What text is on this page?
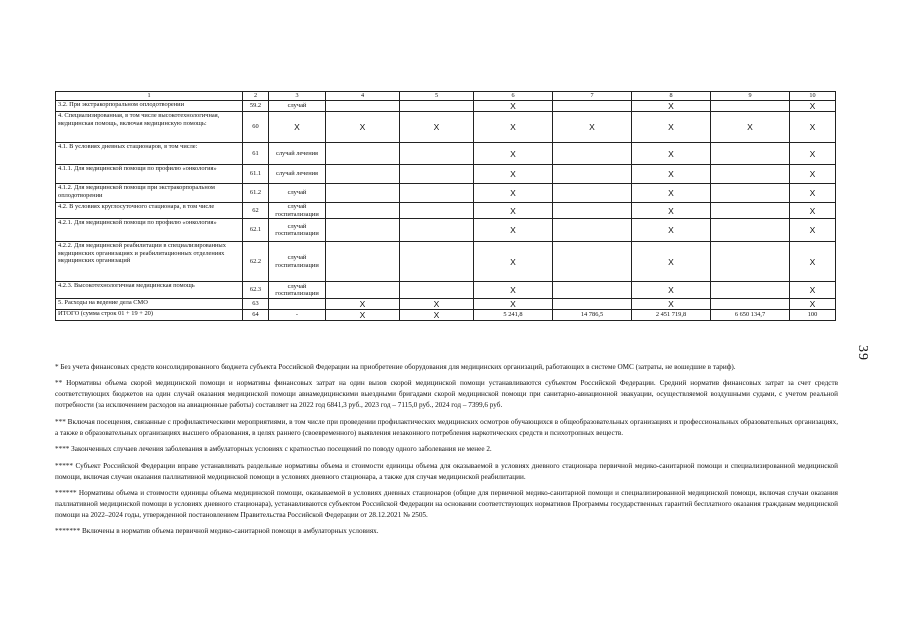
1	2	3	4	5	6	7	8	9	10
3.2. При экстракорпоральном оплодотворении	59.2	случай			X		X		X
4. Специализированная, в том числе высокотехнологичная, медицинская помощь, включая медицинскую помощь:	60	X	X	X	X	X	X	X	X
4.1. В условиях дневных стационаров, в том числе:	61	случай лечения			X		X		X
4.1.1. Для медицинской помощи по профилю «онкология»	61.1	случай лечения			X		X		X
4.1.2. Для медицинской помощи при экстракорпоральном оплодотворении	61.2	случай			X		X		X
4.2. В условиях круглосуточного стационара, в том числе	62	случай госпитализации			X		X		X
4.2.1. Для медицинской помощи по профилю «онкология»	62.1	случай госпитализации			X		X		X
4.2.2. Для медицинской реабилитации в специализированных медицинских организациях и реабилитационных отделениях медицинских организаций	62.2	случай госпитализации			X		X		X
4.2.3. Высокотехнологичная медицинская помощь	62.3	случай госпитализации			X		X		X
5. Расходы на ведение дела СМО	63		X	X	X		X		X
ИТОГО (сумма строк 01 + 19 + 20)	64	-	X	X	5 241,8	14 786,5	2 451 719,8	6 650 134,7	100
39

* Без учета финансовых средств консолидированного бюджета субъекта Российской Федерации на приобретение оборудования для медицинских организаций, работающих в системе ОМС (затраты, не вошедшие в тариф).

** Нормативы объема скорой медицинской помощи и нормативы финансовых затрат на один вызов скорой медицинской помощи устанавливаются субъектом Российской Федерации. Средний норматив финансовых затрат за счет средств соответствующих бюджетов на один случай оказания медицинской помощи авиамедицинскими выездными бригадами скорой медицинской помощи при санитарно-авиационной эвакуации, осуществляемой воздушными судами, с учетом реальной потребности (за исключением расходов на авиационные работы) составляет на 2022 год 6841,3 руб., 2023 год – 7115,0 руб., 2024 год – 7399,6 руб.

*** Включая посещения, связанные с профилактическими мероприятиями, в том числе при проведении профилактических медицинских осмотров обучающихся в общеобразовательных организациях и профессиональных образовательных организациях, а также в образовательных организациях высшего образования, в целях раннего (своевременного) выявления незаконного потребления наркотических средств и психотропных веществ.

**** Законченных случаев лечения заболевания в амбулаторных условиях с кратностью посещений по поводу одного заболевания не менее 2.

***** Субъект Российской Федерации вправе устанавливать раздельные нормативы объема и стоимости единицы объема для оказываемой в условиях дневного стационара первичной медико-санитарной помощи и специализированной медицинской помощи, включая случаи оказания паллиативной медицинской помощи в условиях дневного стационара, а также для случая медицинской реабилитации.

****** Нормативы объема и стоимости единицы объема медицинской помощи, оказываемой в условиях дневных стационаров (общие для первичной медико-санитарной помощи и специализированной медицинской помощи, включая случаи оказания паллиативной медицинской помощи в условиях дневного стационара), устанавливаются субъектом Российской Федерации на основании соответствующих нормативов Программы государственных гарантий бесплатного оказания гражданам медицинской помощи на 2022–2024 годы, утвержденной постановлением Правительства Российской Федерации от 28.12.2021 № 2505.

******* Включены в норматив объема первичной медико-санитарной помощи в амбулаторных условиях.
